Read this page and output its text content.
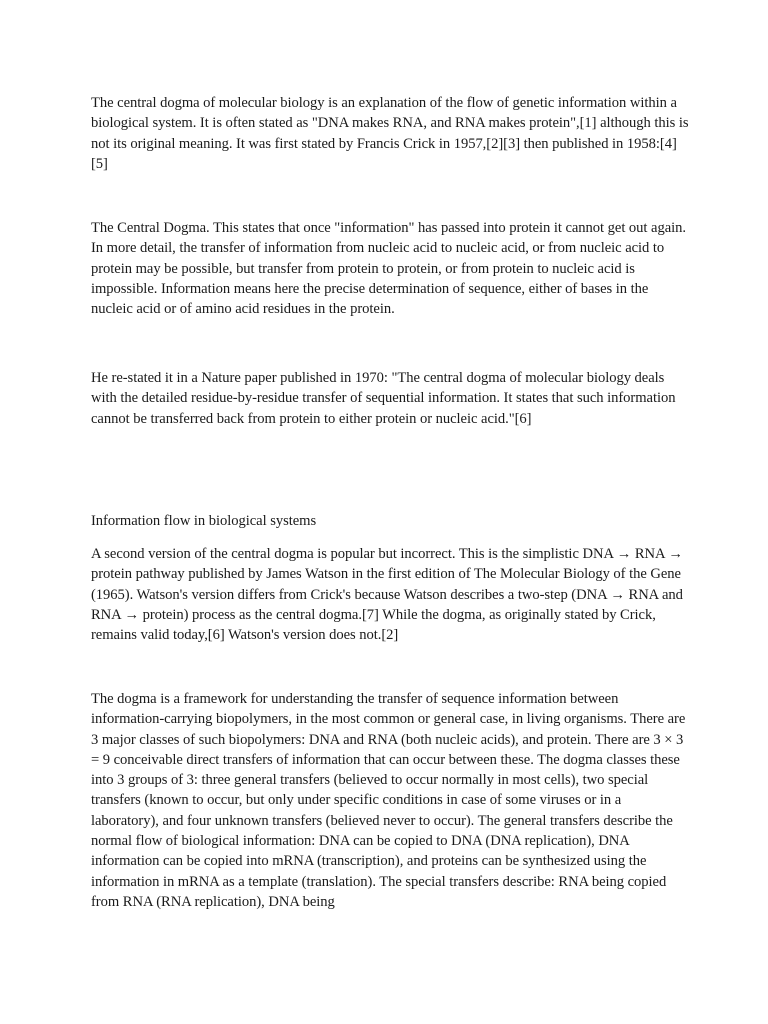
The central dogma of molecular biology is an explanation of the flow of genetic information within a biological system. It is often stated as "DNA makes RNA, and RNA makes protein",[1] although this is not its original meaning. It was first stated by Francis Crick in 1957,[2][3] then published in 1958:[4][5]

The Central Dogma. This states that once "information" has passed into protein it cannot get out again. In more detail, the transfer of information from nucleic acid to nucleic acid, or from nucleic acid to protein may be possible, but transfer from protein to protein, or from protein to nucleic acid is impossible. Information means here the precise determination of sequence, either of bases in the nucleic acid or of amino acid residues in the protein.

He re-stated it in a Nature paper published in 1970: "The central dogma of molecular biology deals with the detailed residue-by-residue transfer of sequential information. It states that such information cannot be transferred back from protein to either protein or nucleic acid."[6]

Information flow in biological systems

A second version of the central dogma is popular but incorrect. This is the simplistic DNA → RNA → protein pathway published by James Watson in the first edition of The Molecular Biology of the Gene (1965). Watson's version differs from Crick's because Watson describes a two-step (DNA → RNA and RNA → protein) process as the central dogma.[7] While the dogma, as originally stated by Crick, remains valid today,[6] Watson's version does not.[2]

The dogma is a framework for understanding the transfer of sequence information between information-carrying biopolymers, in the most common or general case, in living organisms. There are 3 major classes of such biopolymers: DNA and RNA (both nucleic acids), and protein. There are 3 × 3 = 9 conceivable direct transfers of information that can occur between these. The dogma classes these into 3 groups of 3: three general transfers (believed to occur normally in most cells), two special transfers (known to occur, but only under specific conditions in case of some viruses or in a laboratory), and four unknown transfers (believed never to occur). The general transfers describe the normal flow of biological information: DNA can be copied to DNA (DNA replication), DNA information can be copied into mRNA (transcription), and proteins can be synthesized using the information in mRNA as a template (translation). The special transfers describe: RNA being copied from RNA (RNA replication), DNA being
